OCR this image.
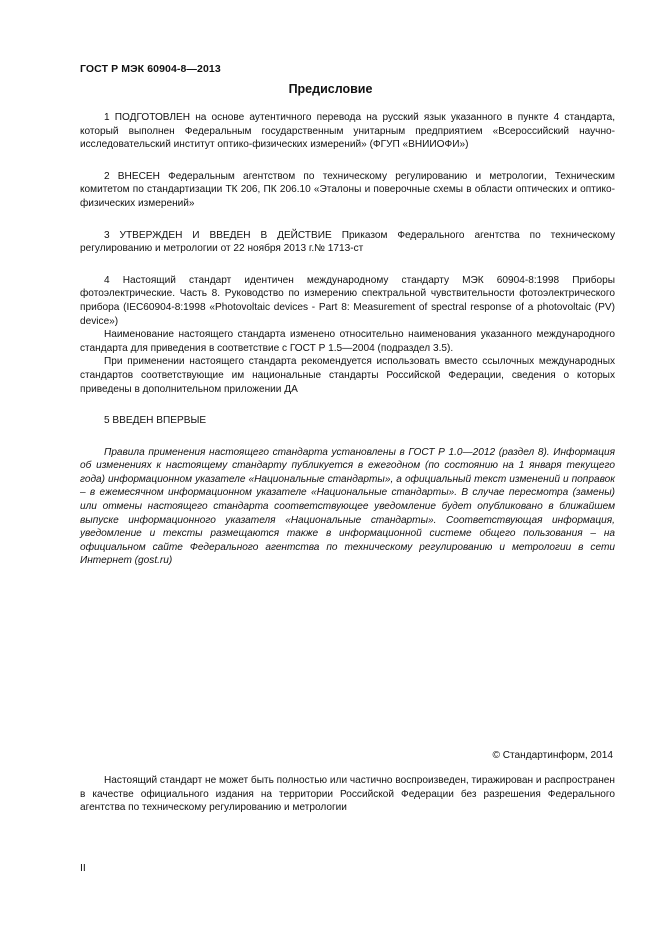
ГОСТ Р МЭК 60904-8—2013
Предисловие

1 ПОДГОТОВЛЕН на основе аутентичного перевода на русский язык указанного в пункте 4 стандарта, который выполнен Федеральным государственным унитарным предприятием «Всероссийский научно-исследовательский институт оптико-физических измерений» (ФГУП «ВНИИОФИ»)

2 ВНЕСЕН Федеральным агентством по техническому регулированию и метрологии, Техническим комитетом по стандартизации ТК 206, ПК 206.10 «Эталоны и поверочные схемы в области оптических и оптико-физических измерений»

3 УТВЕРЖДЕН И ВВЕДЕН В ДЕЙСТВИЕ Приказом Федерального агентства по техническому регулированию и метрологии от 22 ноября 2013 г.№ 1713-ст

4 Настоящий стандарт идентичен международному стандарту МЭК 60904-8:1998 Приборы фотоэлектрические. Часть 8. Руководство по измерению спектральной чувствительности фотоэлектрического прибора (IEC60904-8:1998 «Photovoltaic devices - Part 8: Measurement of spectral response of a photovoltaic (PV) device»)

Наименование настоящего стандарта изменено относительно наименования указанного международного стандарта для приведения в соответствие с ГОСТ Р 1.5—2004 (подраздел 3.5).

При применении настоящего стандарта рекомендуется использовать вместо ссылочных международных стандартов соответствующие им национальные стандарты Российской Федерации, сведения о которых приведены в дополнительном приложении ДА

5 ВВЕДЕН ВПЕРВЫЕ

Правила применения настоящего стандарта установлены в ГОСТ Р 1.0—2012 (раздел 8). Информация об изменениях к настоящему стандарту публикуется в ежегодном (по состоянию на 1 января текущего года) информационном указателе «Национальные стандарты», а официальный текст изменений и поправок – в ежемесячном информационном указателе «Национальные стандарты». В случае пересмотра (замены) или отмены настоящего стандарта соответствующее уведомление будет опубликовано в ближайшем выпуске информационного указателя «Национальные стандарты». Соответствующая информация, уведомление и тексты размещаются также в информационной системе общего пользования – на официальном сайте Федерального агентства по техническому регулированию и метрологии в сети Интернет (gost.ru)

© Стандартинформ, 2014

Настоящий стандарт не может быть полностью или частично воспроизведен, тиражирован и распространен в качестве официального издания на территории Российской Федерации без разрешения Федерального агентства по техническому регулированию и метрологии

II
